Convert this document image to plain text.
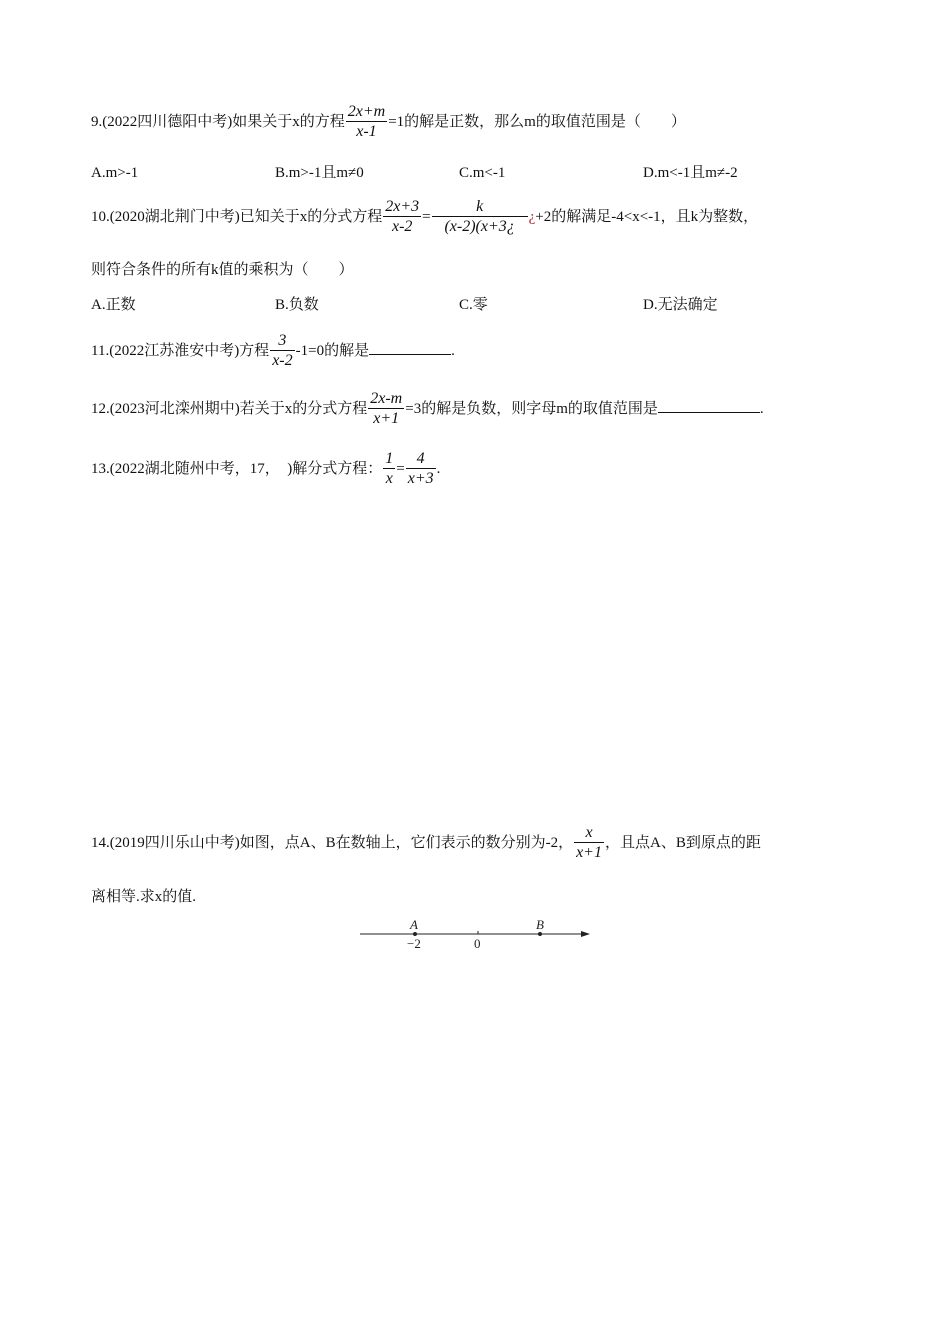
9.(2022四川德阳中考)如果关于x的方程 $\frac{2x+m}{x-1} =1$的解是正数，那么m的取值范围是（　　）
A.m>-1	B.m>-1且m≠0	C.m<-1	D.m<-1且m≠-2
10.(2020湖北荆门中考)已知关于x的分式方程 $\frac{2x+3}{x-2} = \frac{k}{(x-2)(x+3¿}$ ¿+2的解满足-4<x<-1，且k为整数，
则符合条件的所有k值的乘积为（　　）
A.正数	B.负数	C.零	D.无法确定
11.(2022江苏淮安中考)方程 $\frac{3}{x-2} -1=0$的解是	.
12.(2023河北滦州期中)若关于x的分式方程 $\frac{2x-m}{x+1} =3$的解是负数，则字母m的取值范围是	.
13.(2022湖北随州中考，17，　)解分式方程： $\frac{1}{x} = \frac{4}{x+3}$ .
14.(2019四川乐山中考)如图，点A、B在数轴上，它们表示的数分别为-2， $\frac{x}{x+1}$ ，且点A、B到原点的距
离相等.求x的值.
A	B
−2	0
